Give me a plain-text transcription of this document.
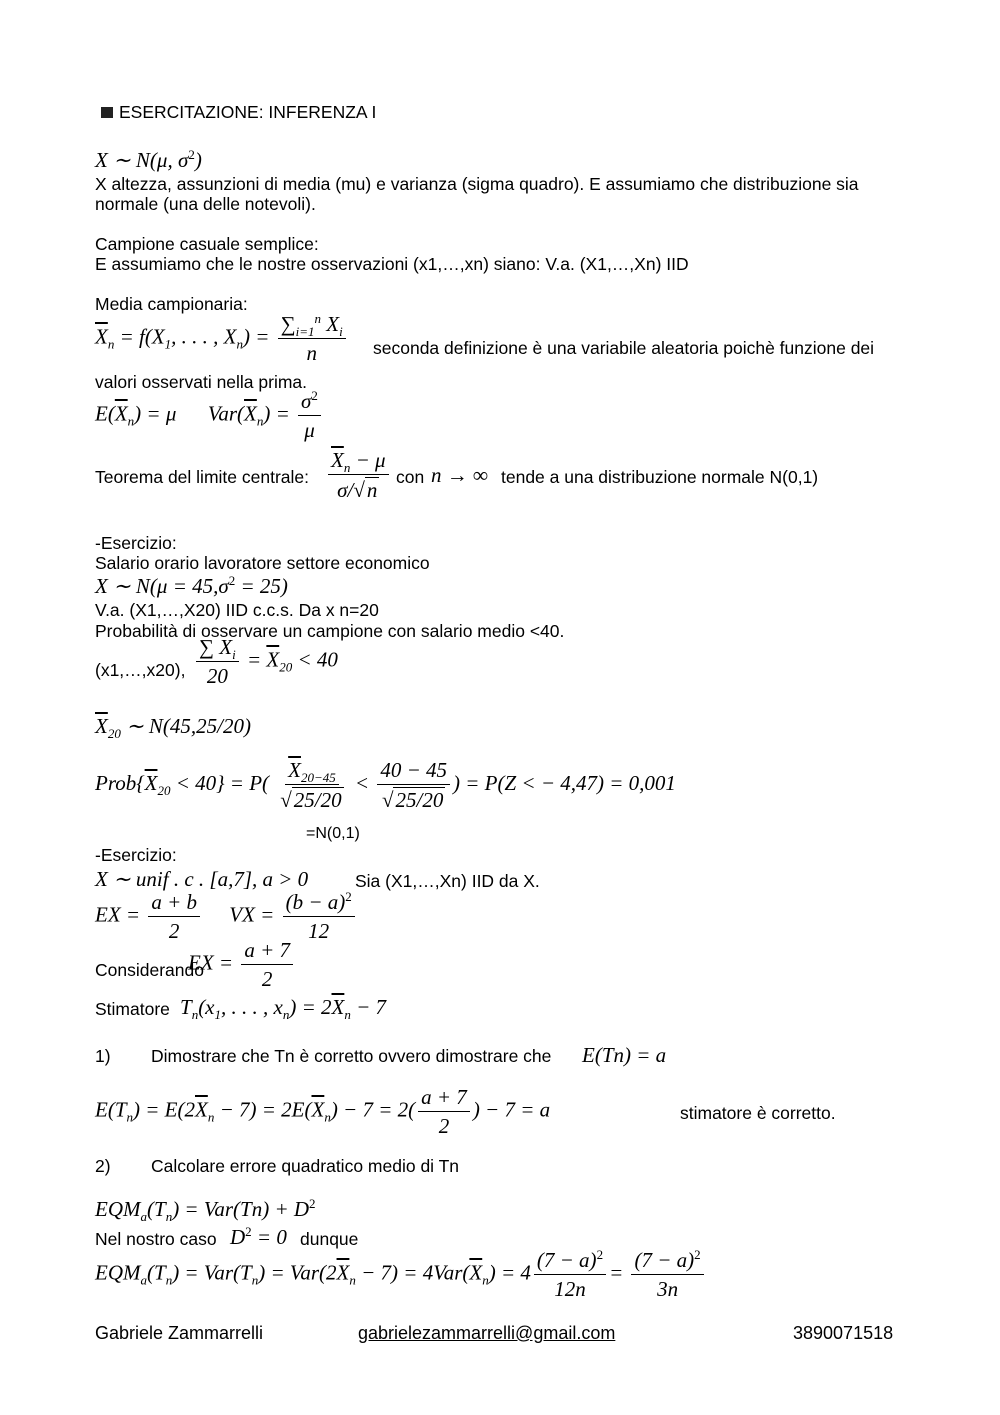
ESERCITAZIONE: INFERENZA I
X ∼ N(μ, $\sigma^2$)
X altezza, assunzioni di media (mu) e varianza (sigma quadro). E assumiamo che distribuzione sia
normale (una delle notevoli).
Campione casuale semplice:
E assumiamo che le nostre osservazioni (x1,…,xn) siano: V.a. (X1,…,Xn) IID
Media campionaria:
$\overline{X}_n = f(X_1$, . . . , $X_n) = \frac{\sum_{i=1}^n X_i}{n}$ seconda definizione è una variabile aleatoria poichè funzione dei
valori osservati nella prima.
$E(\overline{X}_n) = \mu$      $Var(\overline{X}_n) = \frac{\sigma^2}{\mu}$
Teorema del limite centrale: $\frac{\overline{X}_n - \mu}{\sigma/√n}$ con n → ∞ tende a una distribuzione normale N(0,1)
-Esercizio:
Salario orario lavoratore settore economico
X ∼ $N(\mu = 45,\sigma^2 = 25)$
V.a. (X1,…,X20) IID c.c.s. Da x n=20
Probabilità di osservare un campione con salario medio <40.
(x1,…,x20), $\frac{\sum X_i}{20} = \overline{X}_{20} < 40$
$\overline{X}_{20}$ ∼ N(45,25/20)
$Prob\{\overline{X}_{20} < 40\} = P( \frac{\overline{X}_{20-45}}{√25/20} < \frac{40 - 45}{√25/20}$ ) = P(Z < − 4,47) = 0,001
=N(0,1)
-Esercizio:
X ∼ unif . c . [a,7], a > 0	Sia (X1,…,Xn) IID da X.
EX = $\frac{a + b}{2}$ VX = $\frac{(b - a)^2}{12}$
Considerando
EX = $\frac{a + 7}{2}$
Stimatore $T_n(x_1$, . . . , $x_n) = 2\overline{X}_n - 7$
1) Dimostrare che Tn è corretto ovvero dimostrare che E(Tn) = a
$E(T_n) = E(2\overline{X}_n - 7) = 2E(\overline{X}_n) - 7 = 2( \frac{a + 7}{2}$ ) − 7 = a	stimatore è corretto.
2) Calcolare errore quadratico medio di Tn
$EQM_a(T_n) = Var(Tn) + D^2$
Nel nostro caso $D^2 = 0$ dunque
$EQM_a(T_n) = Var(T_n) = Var(2\overline{X}_n - 7) = 4Var(\overline{X}_n) = 4 \frac{(7 - a)^2}{12n} = \frac{(7 - a)^2}{3n}$
Gabriele Zammarrelli	gabrielezammarrelli@gmail.com	3890071518
